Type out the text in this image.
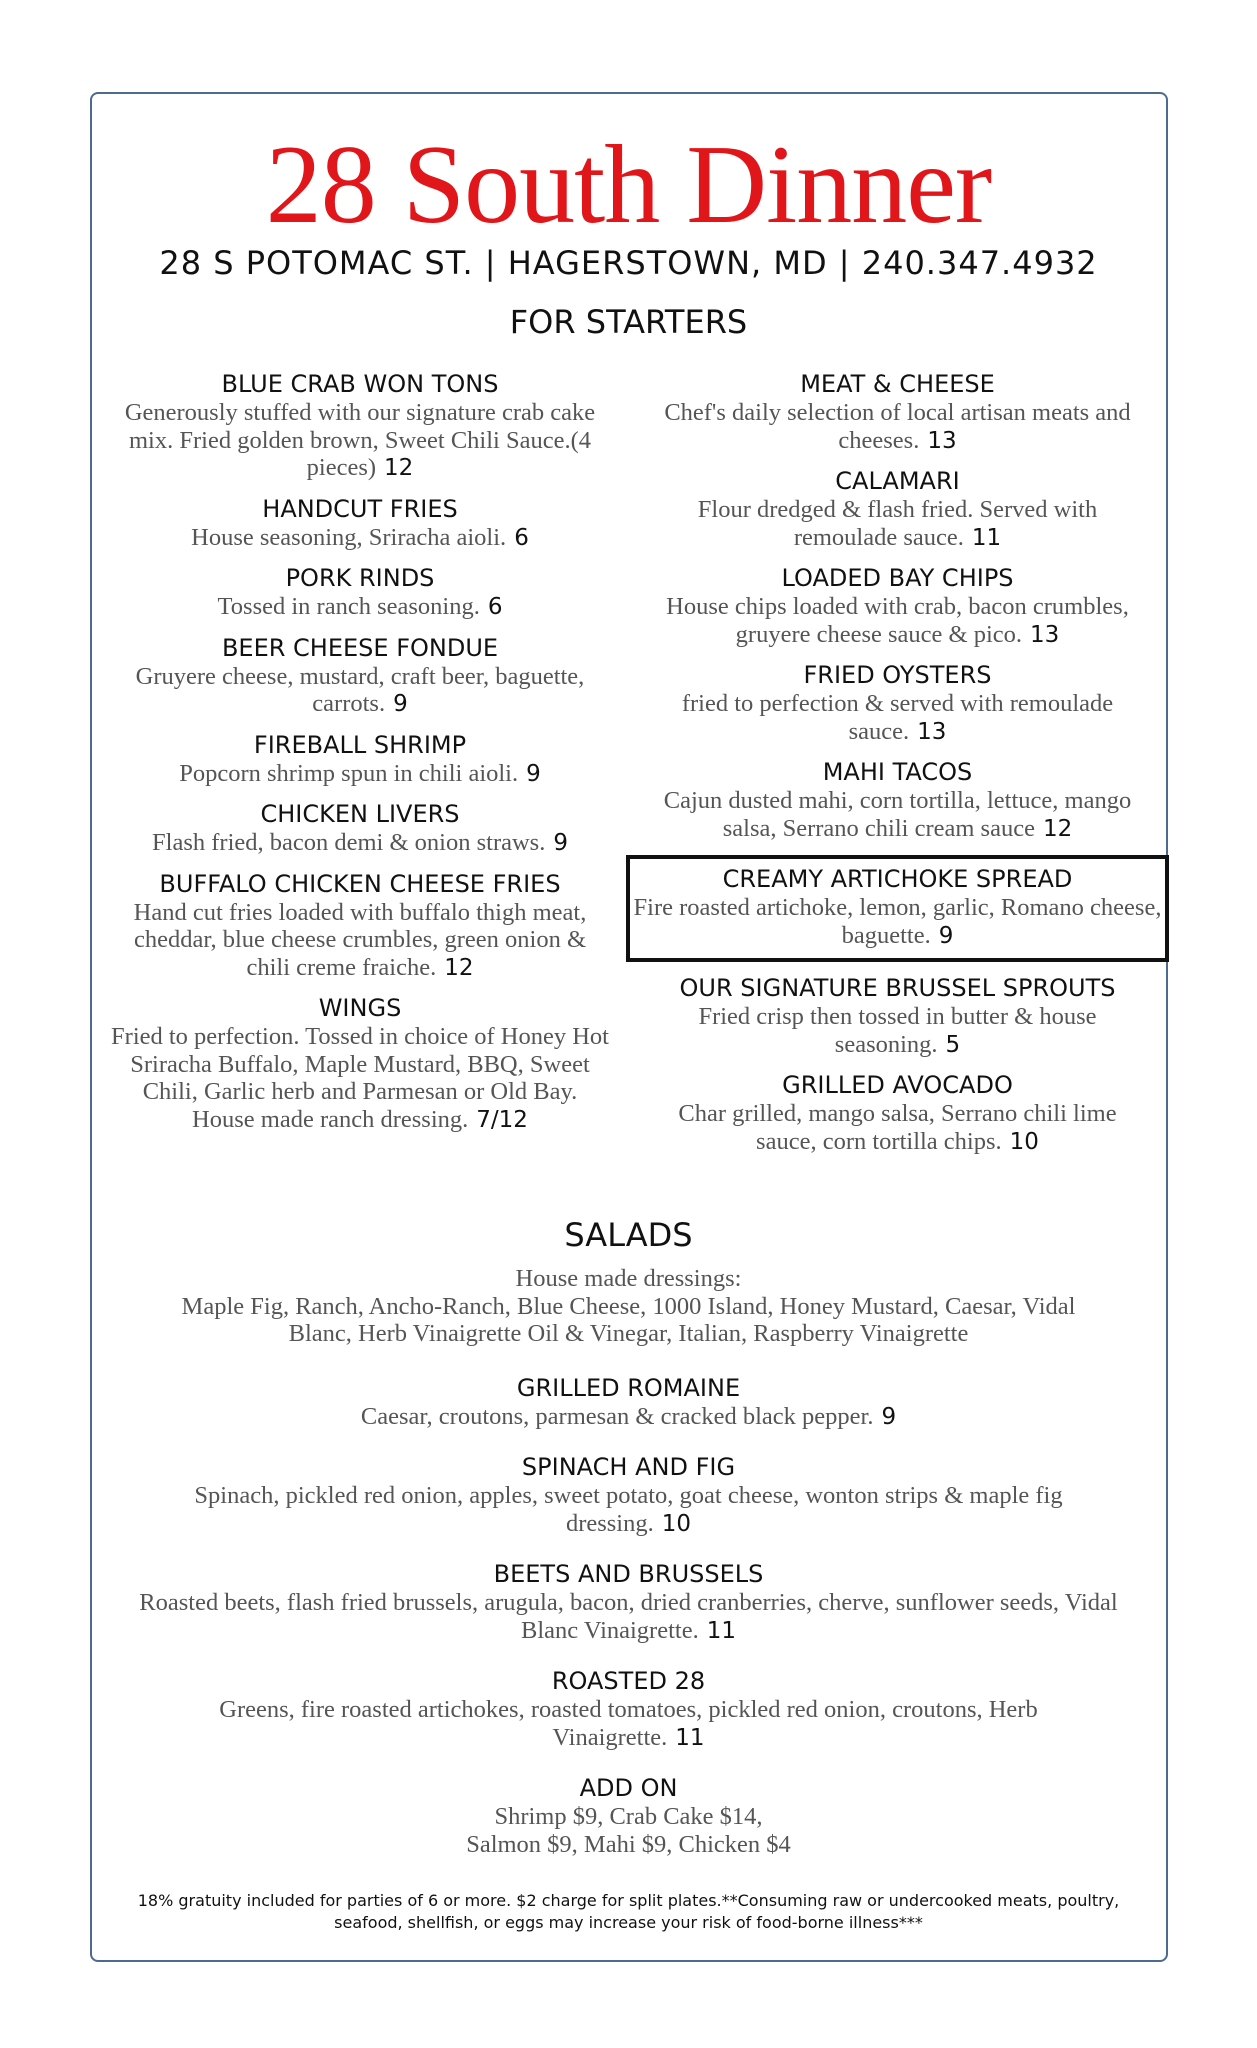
28 South Dinner
28 S POTOMAC ST. | HAGERSTOWN, MD | 240.347.4932
FOR STARTERS
BLUE CRAB WON TONS
Generously stuffed with our signature crab cake mix. Fried golden brown, Sweet Chili Sauce.(4 pieces) 12
HANDCUT FRIES
House seasoning, Sriracha aioli. 6
PORK RINDS
Tossed in ranch seasoning. 6
BEER CHEESE FONDUE
Gruyere cheese, mustard, craft beer, baguette, carrots. 9
FIREBALL SHRIMP
Popcorn shrimp spun in chili aioli. 9
CHICKEN LIVERS
Flash fried, bacon demi & onion straws. 9
BUFFALO CHICKEN CHEESE FRIES
Hand cut fries loaded with buffalo thigh meat, cheddar, blue cheese crumbles, green onion & chili creme fraiche. 12
WINGS
Fried to perfection. Tossed in choice of Honey Hot Sriracha Buffalo, Maple Mustard, BBQ, Sweet Chili, Garlic herb and Parmesan or Old Bay. House made ranch dressing. 7/12
MEAT & CHEESE
Chef's daily selection of local artisan meats and cheeses. 13
CALAMARI
Flour dredged & flash fried. Served with remoulade sauce. 11
LOADED BAY CHIPS
House chips loaded with crab, bacon crumbles, gruyere cheese sauce & pico. 13
FRIED OYSTERS
fried to perfection & served with remoulade sauce. 13
MAHI TACOS
Cajun dusted mahi, corn tortilla, lettuce, mango salsa, Serrano chili cream sauce 12
CREAMY ARTICHOKE SPREAD
Fire roasted artichoke, lemon, garlic, Romano cheese, baguette. 9
OUR SIGNATURE BRUSSEL SPROUTS
Fried crisp then tossed in butter & house seasoning. 5
GRILLED AVOCADO
Char grilled, mango salsa, Serrano chili lime sauce, corn tortilla chips. 10
SALADS
House made dressings:
Maple Fig, Ranch, Ancho-Ranch, Blue Cheese, 1000 Island, Honey Mustard, Caesar, Vidal Blanc, Herb Vinaigrette Oil & Vinegar, Italian, Raspberry Vinaigrette
GRILLED ROMAINE
Caesar, croutons, parmesan & cracked black pepper. 9
SPINACH AND FIG
Spinach, pickled red onion, apples, sweet potato, goat cheese, wonton strips & maple fig dressing. 10
BEETS AND BRUSSELS
Roasted beets, flash fried brussels, arugula, bacon, dried cranberries, cherve, sunflower seeds, Vidal Blanc Vinaigrette. 11
ROASTED 28
Greens, fire roasted artichokes, roasted tomatoes, pickled red onion, croutons, Herb Vinaigrette. 11
ADD ON
Shrimp $9, Crab Cake $14,
Salmon $9, Mahi $9, Chicken $4
18% gratuity included for parties of 6 or more. $2 charge for split plates.**Consuming raw or undercooked meats, poultry,
seafood, shellfish, or eggs may increase your risk of food-borne illness***
